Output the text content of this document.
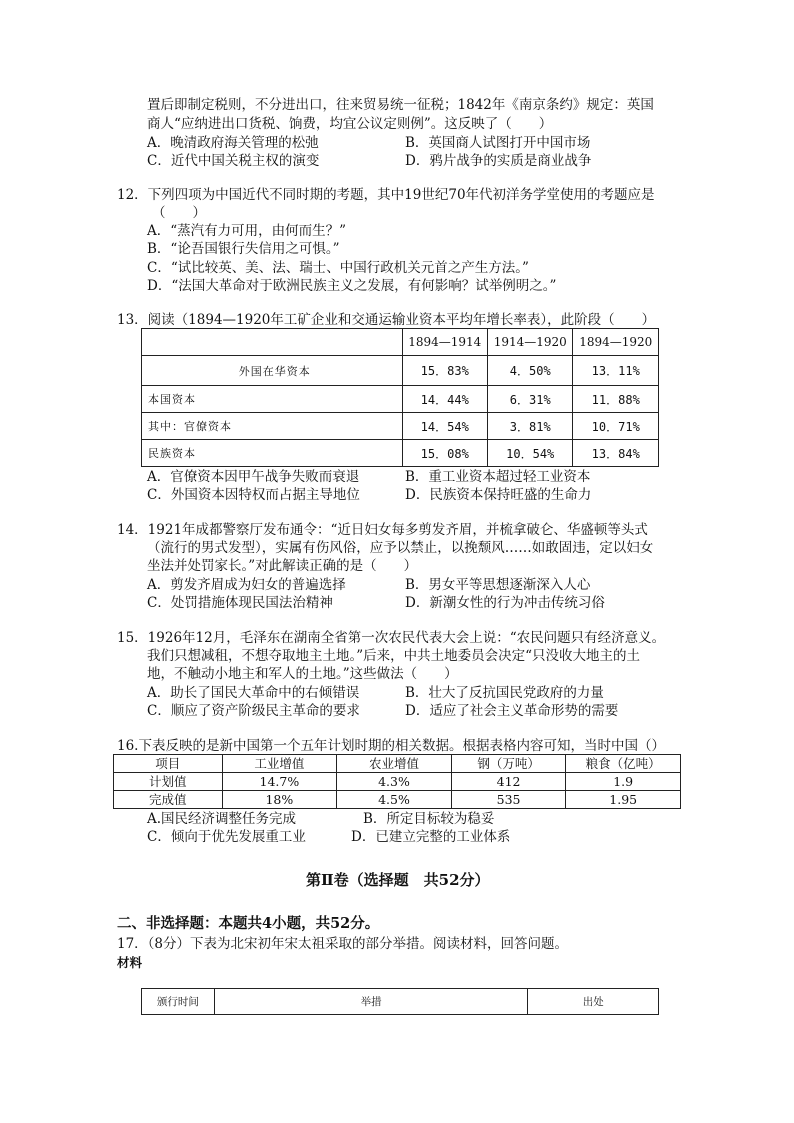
置后即制定税则，不分进出口，往来贸易统一征税；1842年《南京条约》规定：英国
商人“应纳进出口货税、饷费，均宜公议定则例”。这反映了（　　）
A．晚清政府海关管理的松弛	B．英国商人试图打开中国市场
C．近代中国关税主权的演变	D．鸦片战争的实质是商业战争
12．下列四项为中国近代不同时期的考题，其中19世纪70年代初洋务学堂使用的考题应是
（　　）
A．“蒸汽有力可用，由何而生？”
B．“论吾国银行失信用之可惧。”
C．“试比较英、美、法、瑞士、中国行政机关元首之产生方法。”
D．“法国大革命对于欧洲民族主义之发展，有何影响？试举例明之。”
13．阅读（1894—1920年工矿企业和交通运输业资本平均年增长率表），此阶段（　　）
	1894—1914	1914—1920	1894—1920
外国在华资本	15．83%	4．50%	13．11%
本国资本	14．44%	6．31%	11．88%
其中：官僚资本	14．54%	3．81%	10．71%
民族资本	15．08%	10．54%	13．84%
A．官僚资本因甲午战争失败而衰退	B．重工业资本超过轻工业资本
C．外国资本因特权而占据主导地位	D．民族资本保持旺盛的生命力
14．1921年成都警察厅发布通令：“近日妇女每多剪发齐眉，并梳拿破仑、华盛顿等头式
（流行的男式发型），实属有伤风俗，应予以禁止，以挽颓风……如敢固违，定以妇女
坐法并处罚家长。”对此解读正确的是（　　）
A．剪发齐眉成为妇女的普遍选择	B．男女平等思想逐渐深入人心
C．处罚措施体现民国法治精神	D．新潮女性的行为冲击传统习俗
15．1926年12月，毛泽东在湖南全省第一次农民代表大会上说：“农民问题只有经济意义。
我们只想减租，不想夺取地主土地。”后来，中共土地委员会决定“只没收大地主的土
地，不触动小地主和军人的土地。”这些做法（　　）
A．助长了国民大革命中的右倾错误	B．壮大了反抗国民党政府的力量
C．顺应了资产阶级民主革命的要求	D．适应了社会主义革命形势的需要
16.下表反映的是新中国第一个五年计划时期的相关数据。根据表格内容可知，当时中国（）
项目	工业增值	农业增值	钢（万吨）	粮食（亿吨）
计划值	14.7%	4.3%	412	1.9
完成值	18%	4.5%	535	1.95
A.国民经济调整任务完成	B．所定目标较为稳妥
C．倾向于优先发展重工业	D．已建立完整的工业体系
第Ⅱ卷（选择题　共52分）
二、非选择题：本题共4小题，共52分。
17．（8分）下表为北宋初年宋太祖采取的部分举措。阅读材料，回答问题。
材料
颁行时间	举措	出处
